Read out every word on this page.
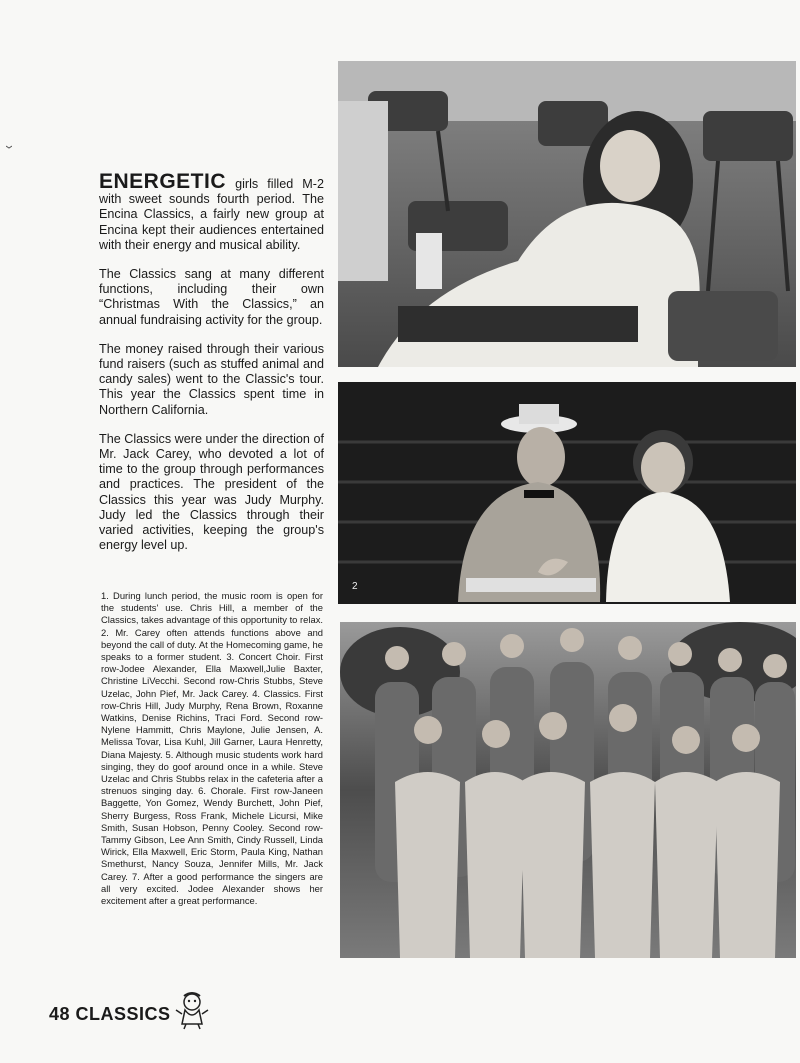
ENERGETIC girls filled M-2 with sweet sounds fourth period. The Encina Classics, a fairly new group at Encina kept their audiences entertained with their energy and musical ability.

The Classics sang at many different functions, including their own “Christmas With the Classics,” an annual fundraising activity for the group.

The money raised through their various fund raisers (such as stuffed animal and candy sales) went to the Classic's tour. This year the Classics spent time in Northern California.

The Classics were under the direction of Mr. Jack Carey, who devoted a lot of time to the group through performances and practices. The president of the Classics this year was Judy Murphy. Judy led the Classics through their varied activities, keeping the group's energy level up.

1. During lunch period, the music room is open for the students' use. Chris Hill, a member of the Classics, takes advantage of this opportunity to relax. 2. Mr. Carey often attends functions above and beyond the call of duty. At the Homecoming game, he speaks to a former student. 3. Concert Choir. First row-Jodee Alexander, Ella Maxwell,Julie Baxter, Christine LiVecchi. Second row-Chris Stubbs, Steve Uzelac, John Pief, Mr. Jack Carey. 4. Classics. First row-Chris Hill, Judy Murphy, Rena Brown, Roxanne Watkins, Denise Richins, Traci Ford. Second row-Nylene Hammitt, Chris Maylone, Julie Jensen, A. Melissa Tovar, Lisa Kuhl, Jill Garner, Laura Henretty, Diana Majesty. 5. Although music students work hard singing, they do goof around once in a while. Steve Uzelac and Chris Stubbs relax in the cafeteria after a strenuos singing day. 6. Chorale. First row-Janeen Baggette, Yon Gomez, Wendy Burchett, John Pief, Sherry Burgess, Ross Frank, Michele Licursi, Mike Smith, Susan Hobson, Penny Cooley. Second row-Tammy Gibson, Lee Ann Smith, Cindy Russell, Linda Wirick, Ella Maxwell, Eric Storm, Paula King, Nathan Smethurst, Nancy Souza, Jennifer Mills, Mr. Jack Carey. 7. After a good performance the singers are all very excited. Jodee Alexander shows her excitement after a great performance.

2
48 CLASSICS
